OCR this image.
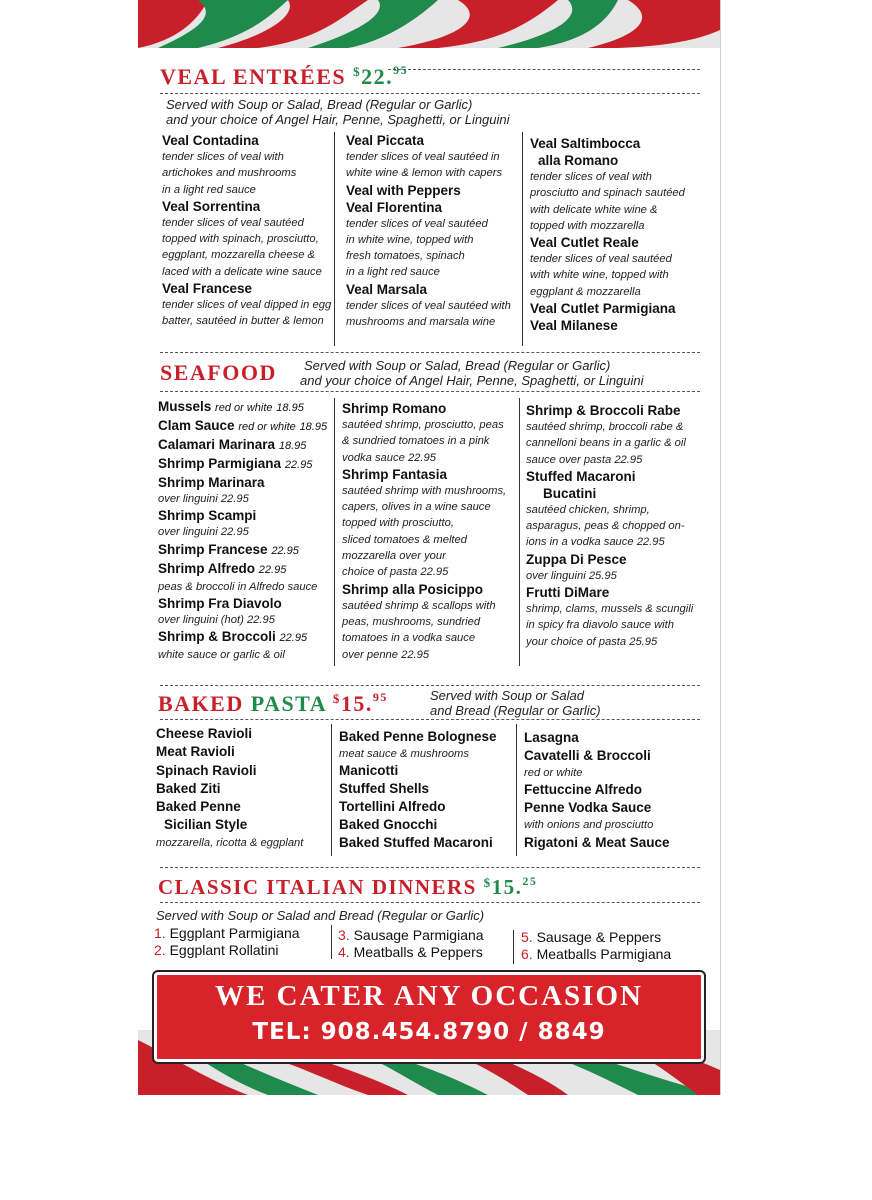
VEAL ENTRÉES $22.95
Served with Soup or Salad, Bread (Regular or Garlic)
and your choice of Angel Hair, Penne, Spaghetti, or Linguini
Veal Contadina
tender slices of veal with
artichokes and mushrooms
in a light red sauce
Veal Sorrentina
tender slices of veal sautéed
topped with spinach, prosciutto,
eggplant, mozzarella cheese &
laced with a delicate wine sauce
Veal Francese
tender slices of veal dipped in egg
batter, sautéed in butter & lemon
Veal Piccata
tender slices of veal sautéed in
white wine & lemon with capers
Veal with Peppers
Veal Florentina
tender slices of veal sautéed
in white wine, topped with
fresh tomatoes, spinach
in a light red sauce
Veal Marsala
tender slices of veal sautéed with
mushrooms and marsala wine
Veal Saltimbocca
alla Romano
tender slices of veal with
prosciutto and spinach sautéed
with delicate white wine &
topped with mozzarella
Veal Cutlet Reale
tender slices of veal sautéed
with white wine, topped with
eggplant & mozzarella
Veal Cutlet Parmigiana
Veal Milanese
SEAFOOD	Served with Soup or Salad, Bread (Regular or Garlic)
and your choice of Angel Hair, Penne, Spaghetti, or Linguini
Mussels red or white 18.95
Clam Sauce red or white 18.95
Calamari Marinara 18.95
Shrimp Parmigiana 22.95
Shrimp Marinara
over linguini 22.95
Shrimp Scampi
over linguini 22.95
Shrimp Francese 22.95
Shrimp Alfredo 22.95
peas & broccoli in Alfredo sauce
Shrimp Fra Diavolo
over linguini (hot) 22.95
Shrimp & Broccoli 22.95
white sauce or garlic & oil
Shrimp Romano
sautéed shrimp, prosciutto, peas
& sundried tomatoes in a pink
vodka sauce 22.95
Shrimp Fantasia
sautéed shrimp with mushrooms,
capers, olives in a wine sauce
topped with prosciutto,
sliced tomatoes & melted
mozzarella over your
choice of pasta 22.95
Shrimp alla Posicippo
sautéed shrimp & scallops with
peas, mushrooms, sundried
tomatoes in a vodka sauce
over penne 22.95
Shrimp & Broccoli Rabe
sautéed shrimp, broccoli rabe &
cannelloni beans in a garlic & oil
sauce over pasta 22.95
Stuffed Macaroni
Bucatini
sautéed chicken, shrimp,
asparagus, peas & chopped on-
ions in a vodka sauce 22.95
Zuppa Di Pesce
over linguini 25.95
Frutti DiMare
shrimp, clams, mussels & scungili
in spicy fra diavolo sauce with
your choice of pasta 25.95
BAKED PASTA $15.95	Served with Soup or Salad
and Bread (Regular or Garlic)
Cheese Ravioli
Meat Ravioli
Spinach Ravioli
Baked Ziti
Baked Penne
Sicilian Style
mozzarella, ricotta & eggplant
Baked Penne Bolognese
meat sauce & mushrooms
Manicotti
Stuffed Shells
Tortellini Alfredo
Baked Gnocchi
Baked Stuffed Macaroni
Lasagna
Cavatelli & Broccoli
red or white
Fettuccine Alfredo
Penne Vodka Sauce
with onions and prosciutto
Rigatoni & Meat Sauce
CLASSIC ITALIAN DINNERS $15.25
Served with Soup or Salad and Bread (Regular or Garlic)
1. Eggplant Parmigiana
2. Eggplant Rollatini
3. Sausage Parmigiana
4. Meatballs & Peppers
5. Sausage & Peppers
6. Meatballs Parmigiana
WE CATER ANY OCCASION
TEL: 908.454.8790 / 8849
